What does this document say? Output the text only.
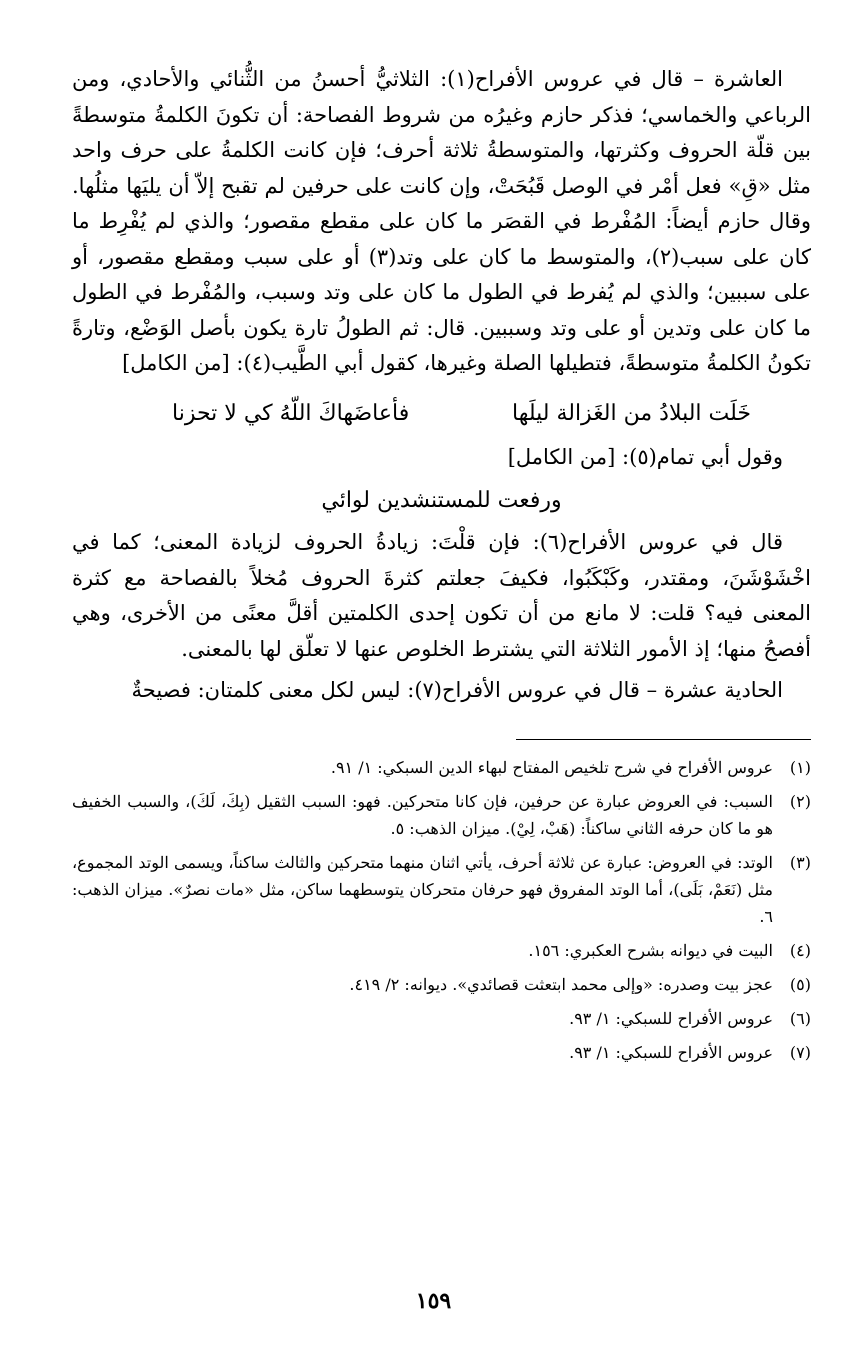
العاشرة – قال في عروس الأفراح(١): الثلاثيُّ أحسنُ من الثُّنائي والأحادي، ومن الرباعي والخماسي؛ فذكر حازم وغيرُه من شروط الفصاحة: أن تكونَ الكلمةُ متوسطةً بين قلّة الحروف وكثرتها، والمتوسطةُ ثلاثة أحرف؛ فإن كانت الكلمةُ على حرف واحد مثل «قِ» فعل أمْر في الوصل قَبُحَتْ، وإن كانت على حرفين لم تقبح إلاّ أن يليَها مثلُها. وقال حازم أيضاً: المُفْرط في القصَر ما كان على مقطع مقصور؛ والذي لم يُفْرِط ما كان على سبب(٢)، والمتوسط ما كان على وتد(٣) أو على سبب ومقطع مقصور، أو على سببين؛ والذي لم يُفرط في الطول ما كان على وتد وسبب، والمُفْرط في الطول ما كان على وتدين أو على وتد وسببين. قال: ثم الطولُ تارة يكون بأصل الوَضْع، وتارةً تكونُ الكلمةُ متوسطةً، فتطيلها الصلة وغيرها، كقول أبي الطَّيب(٤): [من الكامل]

خَلَت البلادُ من الغَزالة ليلَها
فأعاضَهاكَ اللّهُ كي لا تحزنا

وقول أبي تمام(٥): [من الكامل]

ورفعت للمستنشدين لوائي

قال في عروس الأفراح(٦): فإن قلْتَ: زيادةُ الحروف لزيادة المعنى؛ كما في اخْشَوْشَنَ، ومقتدر، وكَبْكَبُوا، فكيفَ جعلتم كثرةَ الحروف مُخلاً بالفصاحة مع كثرة المعنى فيه؟ قلت: لا مانع من أن تكون إحدى الكلمتين أقلَّ معنًى من الأخرى، وهي أفصحُ منها؛ إذ الأمور الثلاثة التي يشترط الخلوص عنها لا تعلّق لها بالمعنى.

الحادية عشرة – قال في عروس الأفراح(٧): ليس لكل معنى كلمتان: فصيحةٌ

(١)
عروس الأفراح في شرح تلخيص المفتاح لبهاء الدين السبكي: ١/ ٩١.
(٢)
السبب: في العروض عبارة عن حرفين، فإن كانا متحركين. فهو: السبب الثقيل (بِكَ، لَكَ)، والسبب الخفيف هو ما كان حرفه الثاني ساكناً: (هَبْ، لِيْ). ميزان الذهب: ٥.
(٣)
الوتد: في العروض: عبارة عن ثلاثة أحرف، يأتي اثنان منهما متحركين والثالث ساكناً، ويسمى الوتد المجموع، مثل (نَعَمْ، بَلَى)، أما الوتد المفروق فهو حرفان متحركان يتوسطهما ساكن، مثل «مات نصرٌ». ميزان الذهب: ٦.
(٤)
البيت في ديوانه بشرح العكبري: ١٥٦.
(٥)
عجز بيت وصدره: «وإلى محمد ابتعثت قصائدي». ديوانه: ٢/ ٤١٩.
(٦)
عروس الأفراح للسبكي: ١/ ٩٣.
(٧)
عروس الأفراح للسبكي: ١/ ٩٣.
١٥٩
